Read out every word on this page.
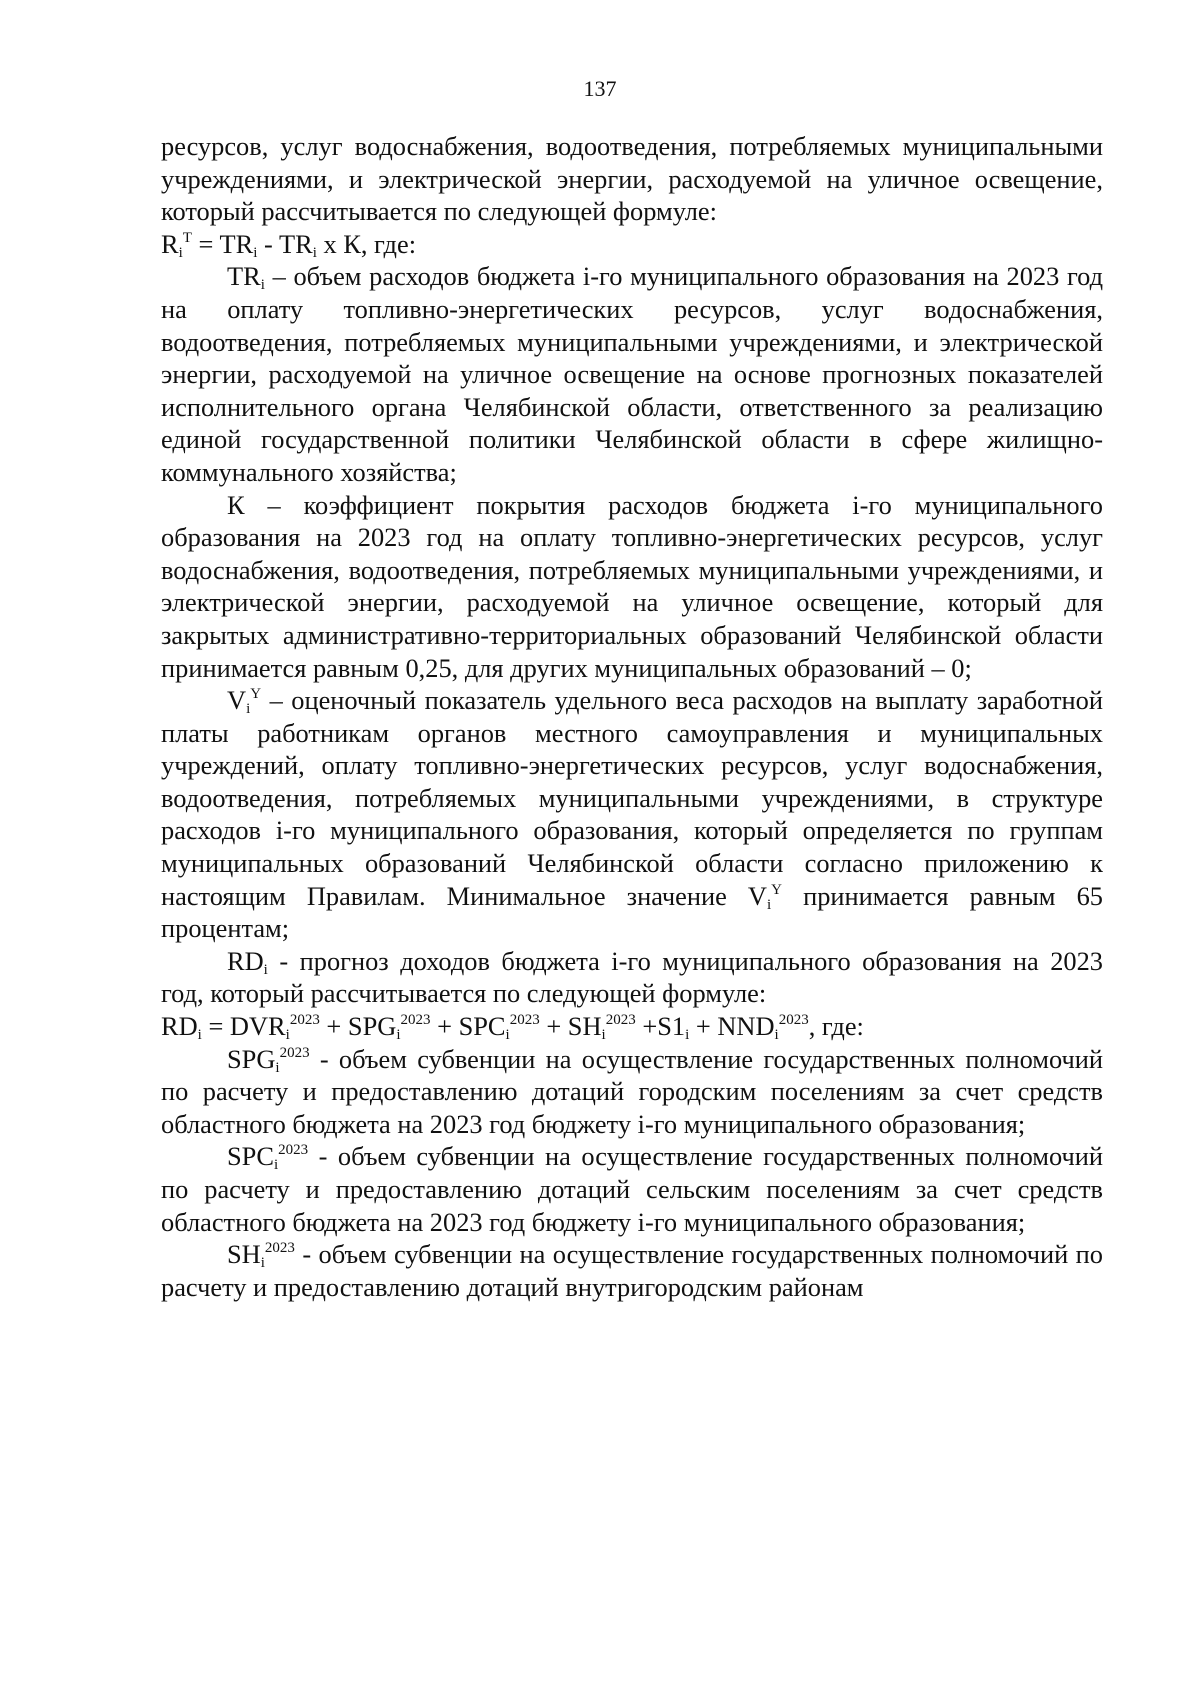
137

ресурсов, услуг водоснабжения, водоотведения, потребляемых муниципальными учреждениями, и электрической энергии, расходуемой на уличное освещение, который рассчитывается по следующей формуле:

$R_i^T = TR_i - TR_i$ x К, где:

$TR_i$ – объем расходов бюджета i-го муниципального образования на 2023 год на оплату топливно-энергетических ресурсов, услуг водоснабжения, водоотведения, потребляемых муниципальными учреждениями, и электрической энергии, расходуемой на уличное освещение на основе прогнозных показателей исполнительного органа Челябинской области, ответственного за реализацию единой государственной политики Челябинской области в сфере жилищно-коммунального хозяйства;

К – коэффициент покрытия расходов бюджета i-го муниципального образования на 2023 год на оплату топливно-энергетических ресурсов, услуг водоснабжения, водоотведения, потребляемых муниципальными учреждениями, и электрической энергии, расходуемой на уличное освещение, который для закрытых административно-территориальных образований Челябинской области принимается равным 0,25, для других муниципальных образований – 0;

$V_i^Y$ – оценочный показатель удельного веса расходов на выплату заработной платы работникам органов местного самоуправления и муниципальных учреждений, оплату топливно-энергетических ресурсов, услуг водоснабжения, водоотведения, потребляемых муниципальными учреждениями, в структуре расходов i-го муниципального образования, который определяется по группам муниципальных образований Челябинской области согласно приложению к настоящим Правилам. Минимальное значение $V_i^Y$ принимается равным 65 процентам;

$RD_i$ - прогноз доходов бюджета i-го муниципального образования на 2023 год, который рассчитывается по следующей формуле:

$RD_i = DVR_i^{2023} + SPG_i^{2023} + SPC_i^{2023} + SH_i^{2023} +S1_i + NND_i^{2023}$, где:

$SPG_i^{2023}$ - объем субвенции на осуществление государственных полномочий по расчету и предоставлению дотаций городским поселениям за счет средств областного бюджета на 2023 год бюджету i-го муниципального образования;

$SPC_i^{2023}$ - объем субвенции на осуществление государственных полномочий по расчету и предоставлению дотаций сельским поселениям за счет средств областного бюджета на 2023 год бюджету i-го муниципального образования;

$SH_i^{2023}$ - объем субвенции на осуществление государственных полномочий по расчету и предоставлению дотаций внутригородским районам
